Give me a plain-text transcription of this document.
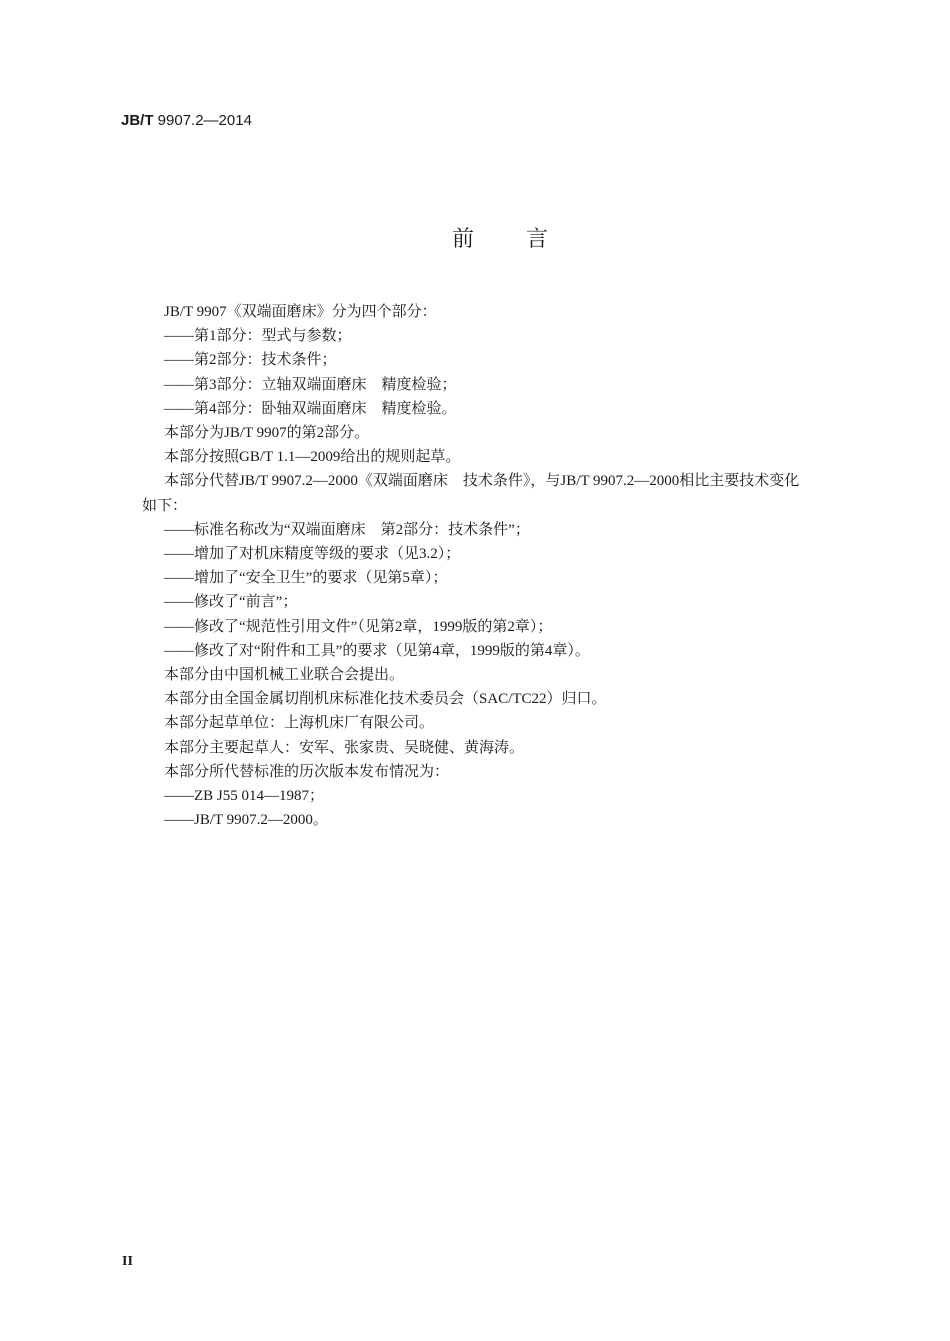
JB/T 9907.2—2014
前 言
JB/T 9907《双端面磨床》分为四个部分：
——第1部分：型式与参数；
——第2部分：技术条件；
——第3部分：立轴双端面磨床　精度检验；
——第4部分：卧轴双端面磨床　精度检验。
本部分为JB/T 9907的第2部分。
本部分按照GB/T 1.1—2009给出的规则起草。
本部分代替JB/T 9907.2—2000《双端面磨床　技术条件》，与JB/T 9907.2—2000相比主要技术变化
如下：
——标准名称改为“双端面磨床　第2部分：技术条件”；
——增加了对机床精度等级的要求（见3.2）；
——增加了“安全卫生”的要求（见第5章）；
——修改了“前言”；
——修改了“规范性引用文件”（见第2章，1999版的第2章）；
——修改了对“附件和工具”的要求（见第4章，1999版的第4章）。
本部分由中国机械工业联合会提出。
本部分由全国金属切削机床标准化技术委员会（SAC/TC22）归口。
本部分起草单位：上海机床厂有限公司。
本部分主要起草人：安军、张家贵、吴晓健、黄海涛。
本部分所代替标准的历次版本发布情况为：
——ZB J55 014—1987；
——JB/T 9907.2—2000。
II
